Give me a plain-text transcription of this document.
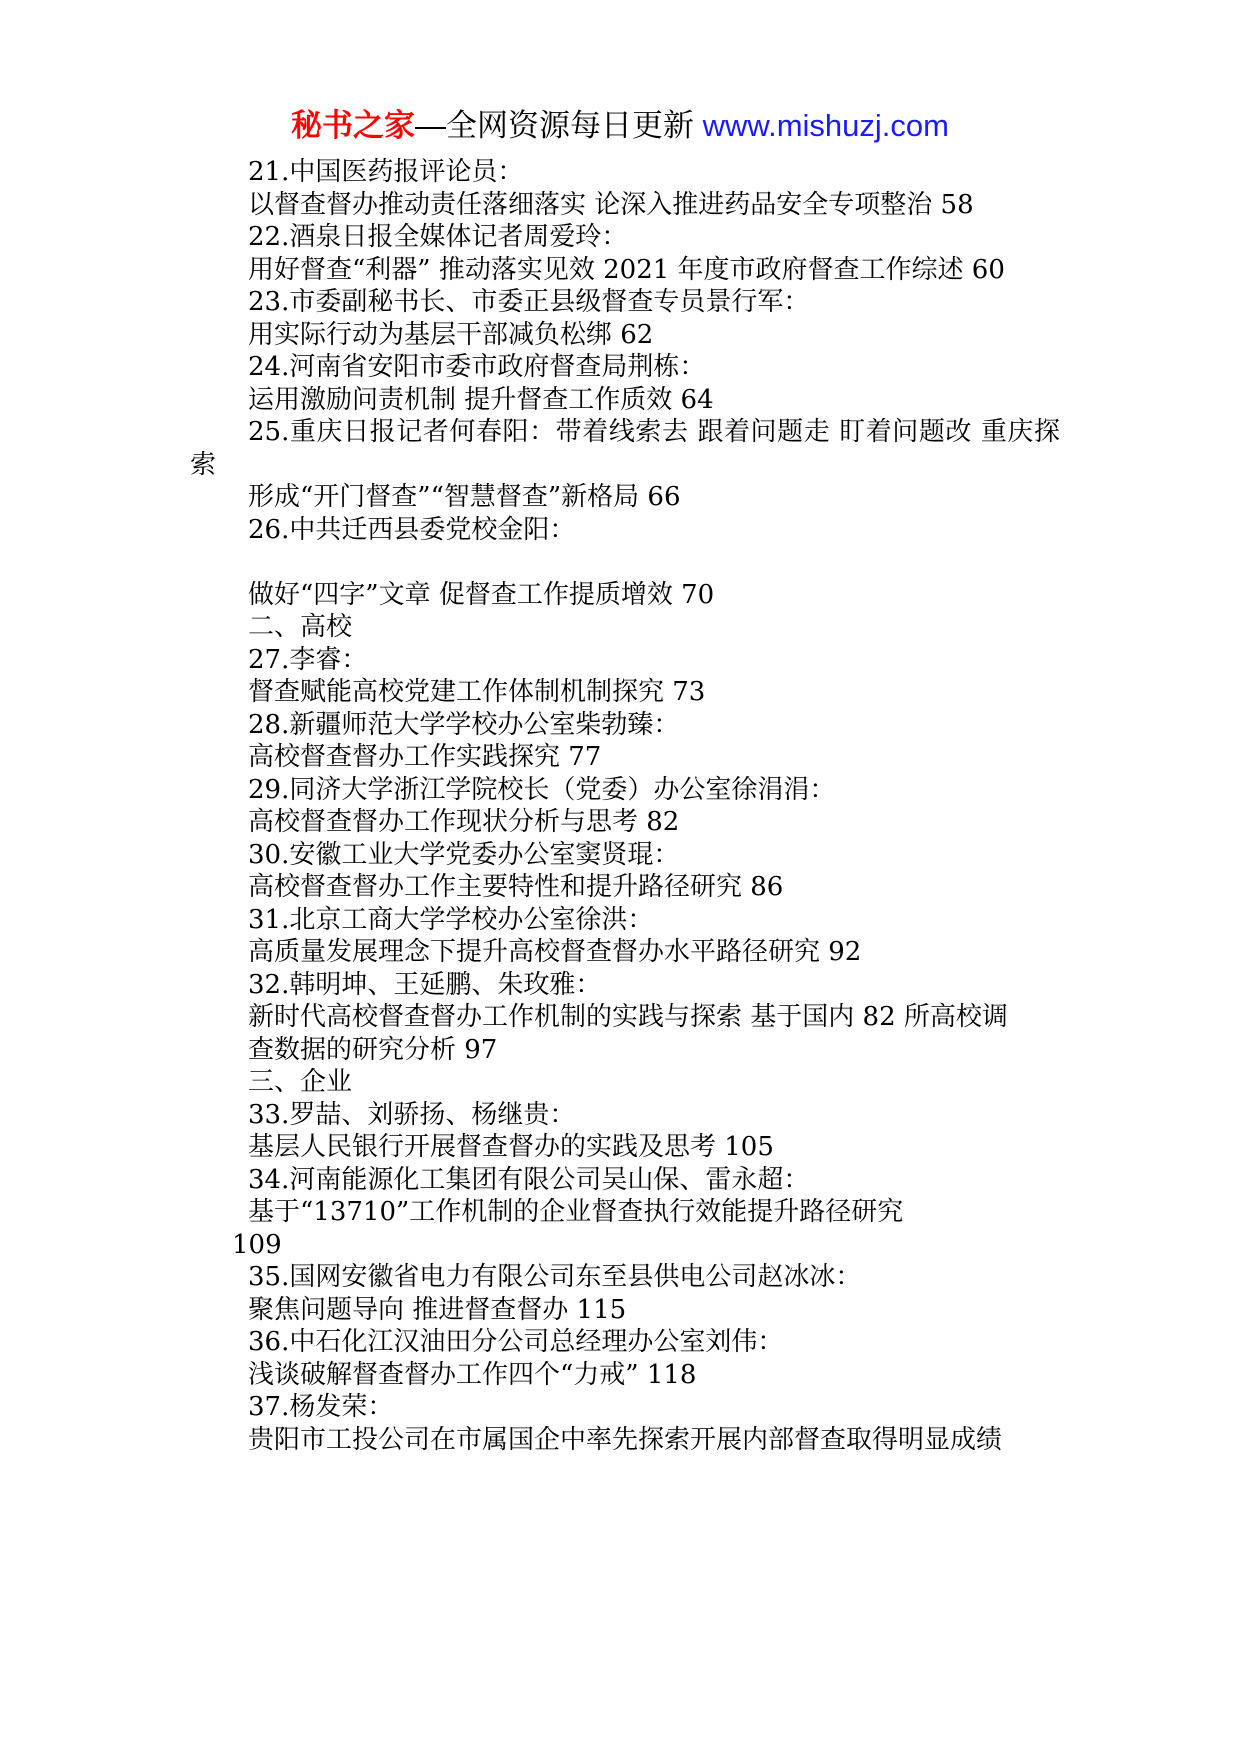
秘书之家—全网资源每日更新 www.mishuzj.com
21.中国医药报评论员：
以督查督办推动责任落细落实 论深入推进药品安全专项整治 58
22.酒泉日报全媒体记者周爱玲：
用好督查“利器” 推动落实见效 2021 年度市政府督查工作综述 60
23.市委副秘书长、市委正县级督查专员景行军：
用实际行动为基层干部减负松绑 62
24.河南省安阳市委市政府督查局荆栋：
运用激励问责机制 提升督查工作质效 64
25.重庆日报记者何春阳：带着线索去 跟着问题走 盯着问题改 重庆探索
形成“开门督查”“智慧督查”新格局 66
26.中共迁西县委党校金阳：
做好“四字”文章 促督查工作提质增效 70
二、高校
27.李睿：
督查赋能高校党建工作体制机制探究 73
28.新疆师范大学学校办公室柴勃臻：
高校督查督办工作实践探究 77
29.同济大学浙江学院校长（党委）办公室徐涓涓：
高校督查督办工作现状分析与思考 82
30.安徽工业大学党委办公室窦贤琨：
高校督查督办工作主要特性和提升路径研究 86
31.北京工商大学学校办公室徐洪：
高质量发展理念下提升高校督查督办水平路径研究 92
32.韩明坤、王延鹏、朱玫雅：
新时代高校督查督办工作机制的实践与探索 基于国内 82 所高校调
查数据的研究分析 97
三、企业
33.罗喆、刘骄扬、杨继贵：
基层人民银行开展督查督办的实践及思考 105
34.河南能源化工集团有限公司吴山保、雷永超：
基于“13710”工作机制的企业督查执行效能提升路径研究
109
35.国网安徽省电力有限公司东至县供电公司赵冰冰：
聚焦问题导向 推进督查督办 115
36.中石化江汉油田分公司总经理办公室刘伟：
浅谈破解督查督办工作四个“力戒” 118
37.杨发荣：
贵阳市工投公司在市属国企中率先探索开展内部督查取得明显成绩
